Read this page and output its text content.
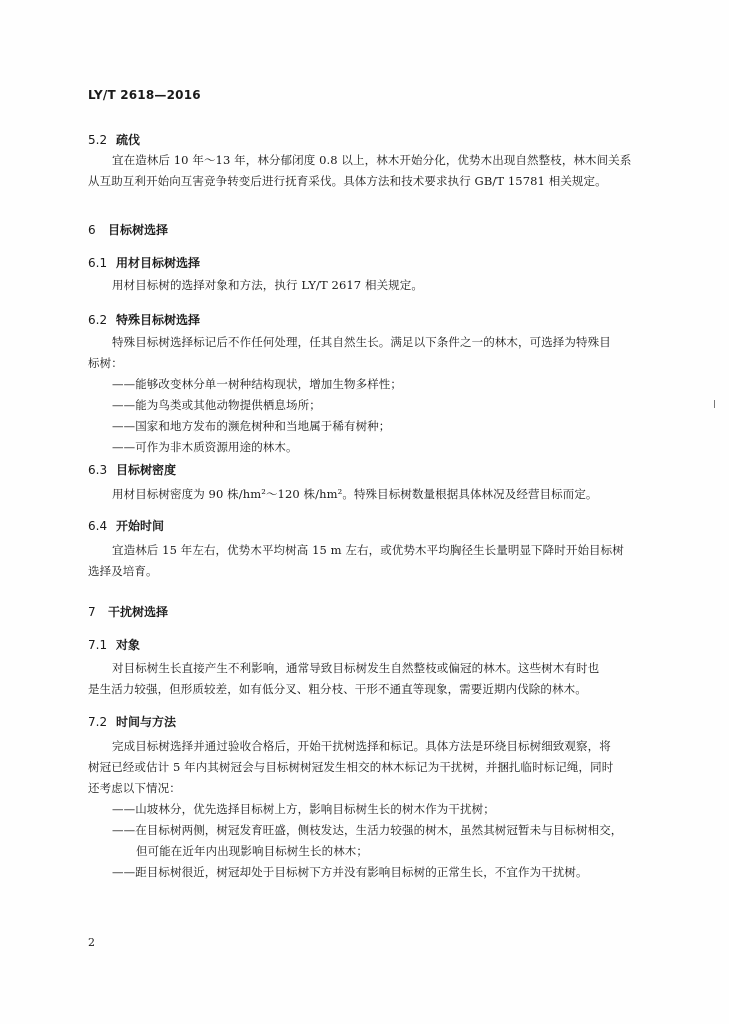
LY/T 2618—2016
5.2 疏伐
宜在造林后 10 年～13 年，林分郁闭度 0.8 以上，林木开始分化，优势木出现自然整枝，林木间关系
从互助互利开始向互害竞争转变后进行抚育采伐。具体方法和技术要求执行 GB/T 15781 相关规定。
6 目标树选择
6.1 用材目标树选择
用材目标树的选择对象和方法，执行 LY/T 2617 相关规定。
6.2 特殊目标树选择
特殊目标树选择标记后不作任何处理，任其自然生长。满足以下条件之一的林木，可选择为特殊目
标树：
——能够改变林分单一树种结构现状，增加生物多样性；
——能为鸟类或其他动物提供栖息场所；
——国家和地方发布的濒危树种和当地属于稀有树种；
——可作为非木质资源用途的林木。
6.3 目标树密度
用材目标树密度为 90 株/hm²～120 株/hm²。特殊目标树数量根据具体林况及经营目标而定。
6.4 开始时间
宜造林后 15 年左右，优势木平均树高 15 m 左右，或优势木平均胸径生长量明显下降时开始目标树
选择及培育。
7 干扰树选择
7.1 对象
对目标树生长直接产生不利影响，通常导致目标树发生自然整枝或偏冠的林木。这些树木有时也
是生活力较强，但形质较差，如有低分叉、粗分枝、干形不通直等现象，需要近期内伐除的林木。
7.2 时间与方法
完成目标树选择并通过验收合格后，开始干扰树选择和标记。具体方法是环绕目标树细致观察，将
树冠已经或估计 5 年内其树冠会与目标树树冠发生相交的林木标记为干扰树，并捆扎临时标记绳，同时
还考虑以下情况：
——山坡林分，优先选择目标树上方，影响目标树生长的树木作为干扰树；
——在目标树两侧，树冠发育旺盛，侧枝发达，生活力较强的树木，虽然其树冠暂未与目标树相交，
但可能在近年内出现影响目标树生长的林木；
——距目标树很近，树冠却处于目标树下方并没有影响目标树的正常生长，不宜作为干扰树。
2
